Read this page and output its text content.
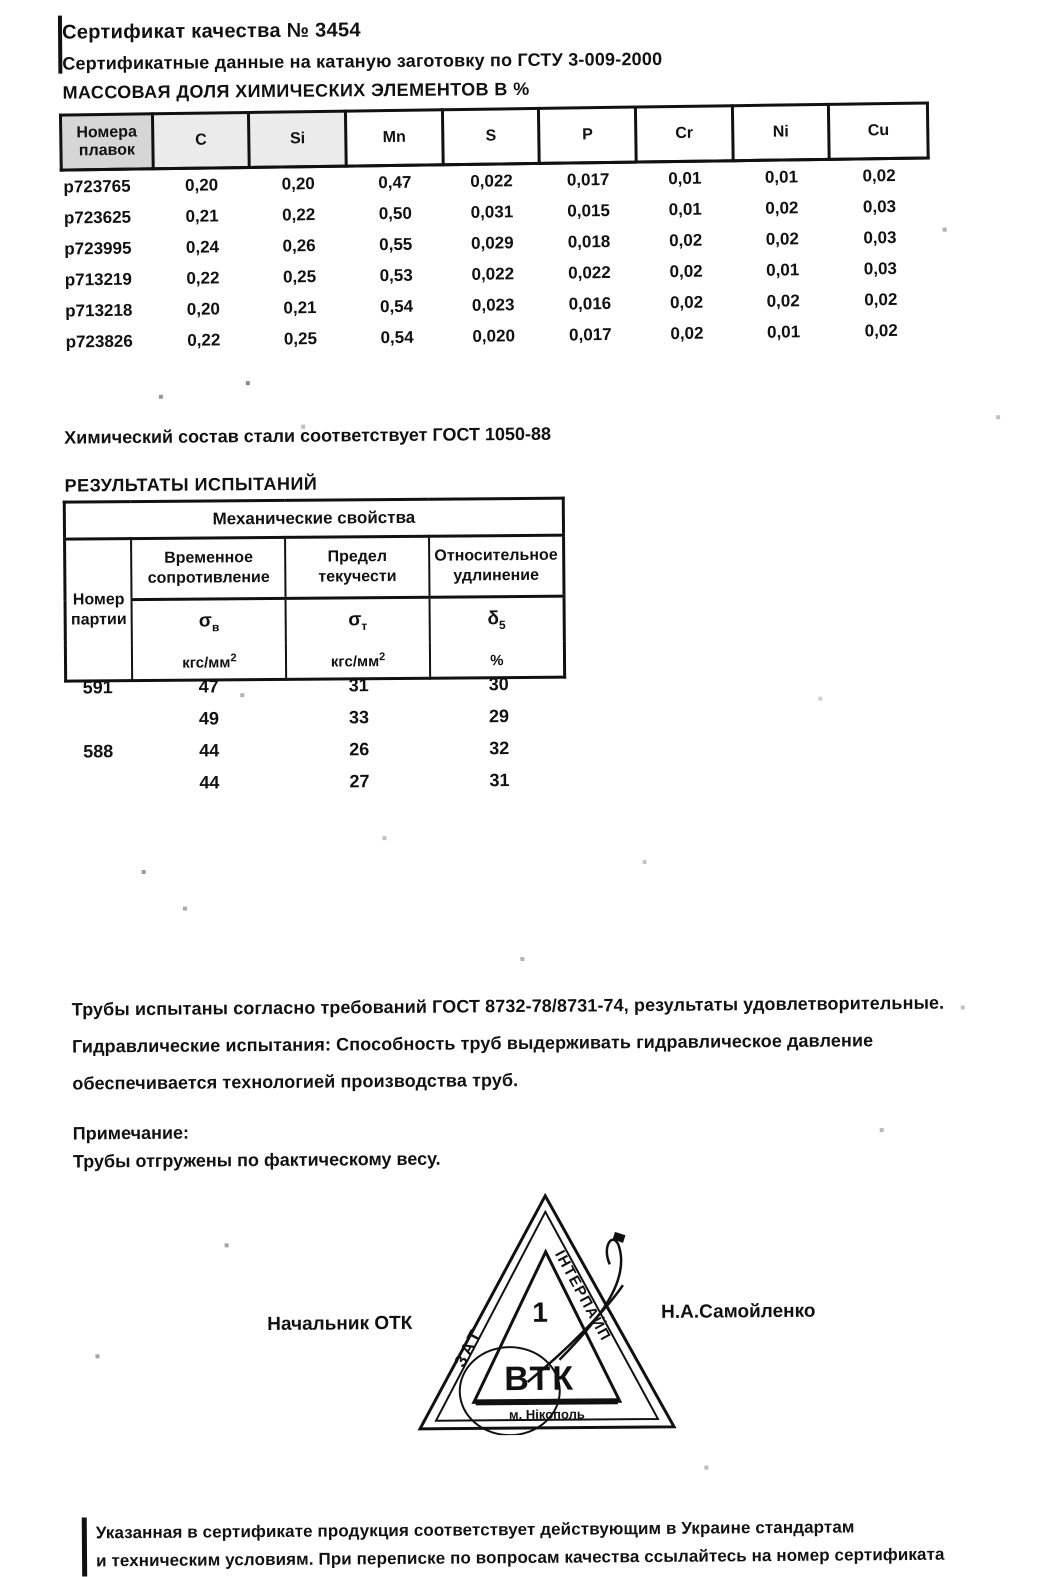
Сертификат качества № 3454
Сертификатные данные на катаную заготовку по ГСТУ 3-009-2000
МАССОВАЯ ДОЛЯ ХИМИЧЕСКИХ ЭЛЕМЕНТОВ В %
Номера плавок	C	Si	Mn	S	P	Cr	Ni	Cu
р723765	0,20	0,20	0,47	0,022	0,017	0,01	0,01	0,02
р723625	0,21	0,22	0,50	0,031	0,015	0,01	0,02	0,03
р723995	0,24	0,26	0,55	0,029	0,018	0,02	0,02	0,03
р713219	0,22	0,25	0,53	0,022	0,022	0,02	0,01	0,03
р713218	0,20	0,21	0,54	0,023	0,016	0,02	0,02	0,02
р723826	0,22	0,25	0,54	0,020	0,017	0,02	0,01	0,02
Химический состав стали соответствует ГОСТ 1050-88
РЕЗУЛЬТАТЫ ИСПЫТАНИЙ
Механические свойства			
Номер партии	Временное сопротивление	Предел текучести	Относительное удлинение
	$\sigma_в$	$\sigma_т$	$\delta_5$
	кгс/$мм^2$	кгс/$мм^2$	%
591	47	31	30
	49	33	29
588	44	26	32
	44	27	31
Трубы испытаны согласно требований ГОСТ 8732-78/8731-74, результаты удовлетворительные.
Гидравлические испытания: Способность труб выдерживать гидравлическое давление
обеспечивается технологией производства труб.
Примечание:
Трубы отгружены по фактическому весу.
Начальник ОТК
Н.А.Самойленко
ЗАТ
ІНТЕРПАЙП
1
ВТК
м. Нікополь
Указанная в сертификате продукция соответствует действующим в Украине стандартам
и техническим условиям. При переписке по вопросам качества ссылайтесь на номер сертификата
